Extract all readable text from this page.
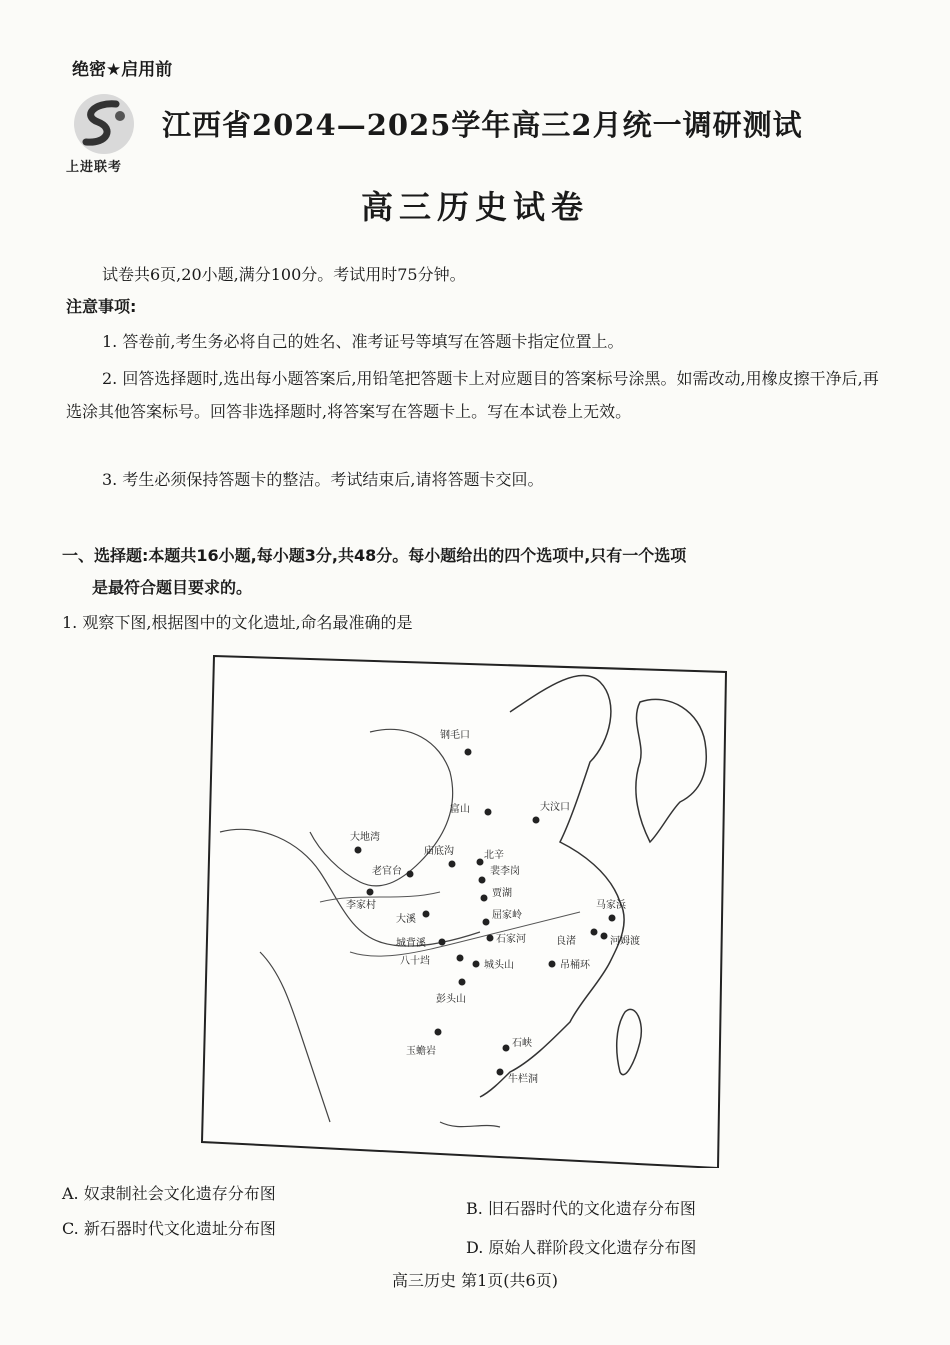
绝密★启用前
上进联考
江西省2024—2025学年高三2月统一调研测试
高三历史试卷
试卷共6页,20小题,满分100分。考试用时75分钟。
注意事项:
1. 答卷前,考生务必将自己的姓名、准考证号等填写在答题卡指定位置上。
2. 回答选择题时,选出每小题答案后,用铅笔把答题卡上对应题目的答案标号涂黑。如需改动,用橡皮擦干净后,再选涂其他答案标号。回答非选择题时,将答案写在答题卡上。写在本试卷上无效。
3. 考生必须保持答题卡的整洁。考试结束后,请将答题卡交回。
一、选择题:本题共16小题,每小题3分,共48分。每小题给出的四个选项中,只有一个选项
是最符合题目要求的。
1. 观察下图,根据图中的文化遗址,命名最准确的是
钢毛口
富山	大汶口
大地湾
庙底沟	北辛
老官台	裴李岗
贾湖
李家村
大溪	屈家岭
马家浜
城背溪	石家河	良渚	河姆渡
八十垱	城头山	吊桶环
彭头山
玉蟾岩
石峡
牛栏洞
A. 奴隶制社会文化遗存分布图
B. 旧石器时代的文化遗存分布图
C. 新石器时代文化遗址分布图
D. 原始人群阶段文化遗存分布图
高三历史 第1页(共6页)
